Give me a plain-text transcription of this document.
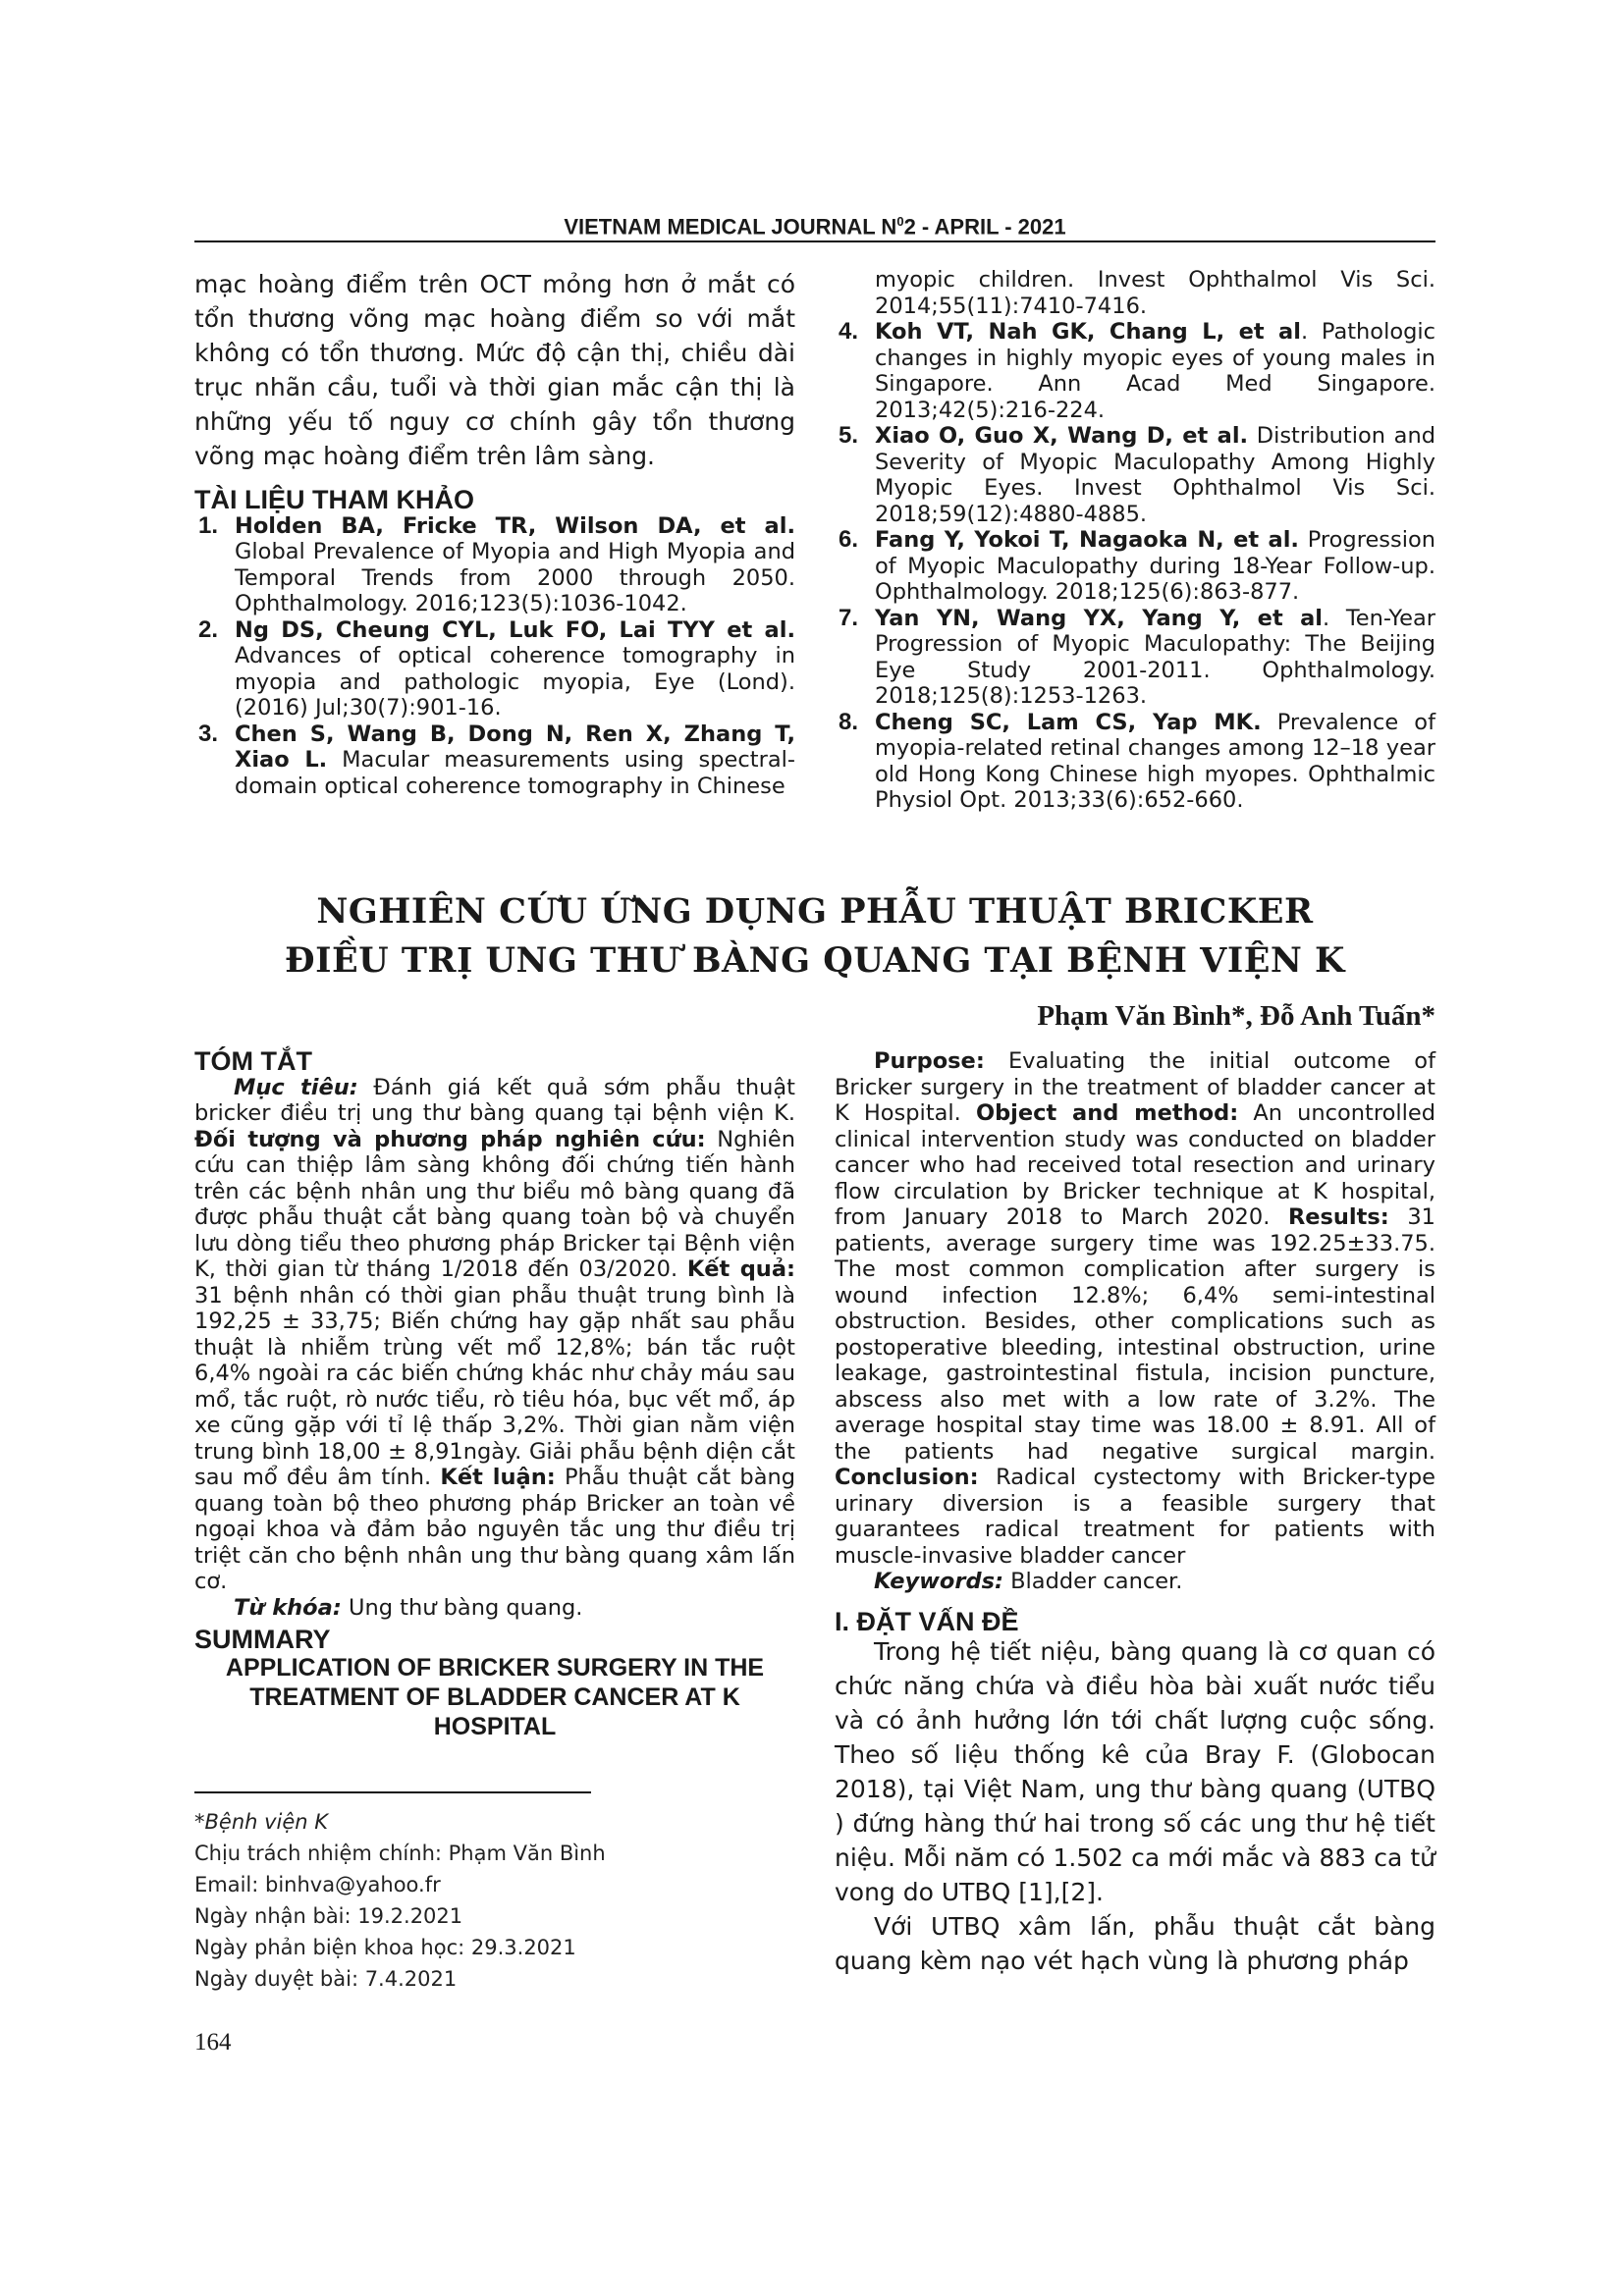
VIETNAM MEDICAL JOURNAL $N^02$ - APRIL - 2021

mạc hoàng điểm trên OCT mỏng hơn ở mắt có tổn thương võng mạc hoàng điểm so với mắt không có tổn thương. Mức độ cận thị, chiều dài trục nhãn cầu, tuổi và thời gian mắc cận thị là những yếu tố nguy cơ chính gây tổn thương võng mạc hoàng điểm trên lâm sàng.

TÀI LIỆU THAM KHẢO

1. Holden BA, Fricke TR, Wilson DA, et al. Global Prevalence of Myopia and High Myopia and Temporal Trends from 2000 through 2050. Ophthalmology. 2016;123(5):1036-1042.
2. Ng DS, Cheung CYL, Luk FO, Lai TYY et al. Advances of optical coherence tomography in myopia and pathologic myopia, Eye (Lond). (2016) Jul;30(7):901-16.
3. Chen S, Wang B, Dong N, Ren X, Zhang T, Xiao L. Macular measurements using spectral-domain optical coherence tomography in Chinese
myopic children. Invest Ophthalmol Vis Sci. 2014;55(11):7410-7416.
4. Koh VT, Nah GK, Chang L, et al. Pathologic changes in highly myopic eyes of young males in Singapore. Ann Acad Med Singapore. 2013;42(5):216-224.
5. Xiao O, Guo X, Wang D, et al. Distribution and Severity of Myopic Maculopathy Among Highly Myopic Eyes. Invest Ophthalmol Vis Sci. 2018;59(12):4880-4885.
6. Fang Y, Yokoi T, Nagaoka N, et al. Progression of Myopic Maculopathy during 18-Year Follow-up. Ophthalmology. 2018;125(6):863-877.
7. Yan YN, Wang YX, Yang Y, et al. Ten-Year Progression of Myopic Maculopathy: The Beijing Eye Study 2001-2011. Ophthalmology. 2018;125(8):1253-1263.
8. Cheng SC, Lam CS, Yap MK. Prevalence of myopia-related retinal changes among 12–18 year old Hong Kong Chinese high myopes. Ophthalmic Physiol Opt. 2013;33(6):652-660.
NGHIÊN CỨU ỨNG DỤNG PHẪU THUẬT BRICKER
ĐIỀU TRỊ UNG THƯ BÀNG QUANG TẠI BỆNH VIỆN K
Phạm Văn Bình*, Đỗ Anh Tuấn*

TÓM TẮT

Mục tiêu: Đánh giá kết quả sớm phẫu thuật bricker điều trị ung thư bàng quang tại bệnh viện K. Đối tượng và phương pháp nghiên cứu: Nghiên cứu can thiệp lâm sàng không đối chứng tiến hành trên các bệnh nhân ung thư biểu mô bàng quang đã được phẫu thuật cắt bàng quang toàn bộ và chuyển lưu dòng tiểu theo phương pháp Bricker tại Bệnh viện K, thời gian từ tháng 1/2018 đến 03/2020. Kết quả: 31 bệnh nhân có thời gian phẫu thuật trung bình là 192,25 ± 33,75; Biến chứng hay gặp nhất sau phẫu thuật là nhiễm trùng vết mổ 12,8%; bán tắc ruột 6,4% ngoài ra các biến chứng khác như chảy máu sau mổ, tắc ruột, rò nước tiểu, rò tiêu hóa, bục vết mổ, áp xe cũng gặp với tỉ lệ thấp 3,2%. Thời gian nằm viện trung bình 18,00 ± 8,91ngày. Giải phẫu bệnh diện cắt sau mổ đều âm tính. Kết luận: Phẫu thuật cắt bàng quang toàn bộ theo phương pháp Bricker an toàn về ngoại khoa và đảm bảo nguyên tắc ung thư điều trị triệt căn cho bệnh nhân ung thư bàng quang xâm lấn cơ.

Từ khóa: Ung thư bàng quang.

SUMMARY

APPLICATION OF BRICKER SURGERY IN THE TREATMENT OF BLADDER CANCER AT K HOSPITAL

Purpose: Evaluating the initial outcome of Bricker surgery in the treatment of bladder cancer at K Hospital. Object and method: An uncontrolled clinical intervention study was conducted on bladder cancer who had received total resection and urinary flow circulation by Bricker technique at K hospital, from January 2018 to March 2020. Results: 31 patients, average surgery time was 192.25±33.75. The most common complication after surgery is wound infection 12.8%; 6,4% semi-intestinal obstruction. Besides, other complications such as postoperative bleeding, intestinal obstruction, urine leakage, gastrointestinal fistula, incision puncture, abscess also met with a low rate of 3.2%. The average hospital stay time was 18.00 ± 8.91. All of the patients had negative surgical margin. Conclusion: Radical cystectomy with Bricker-type urinary diversion is a feasible surgery that guarantees radical treatment for patients with muscle-invasive bladder cancer

Keywords: Bladder cancer.

I. ĐẶT VẤN ĐỀ

Trong hệ tiết niệu, bàng quang là cơ quan có chức năng chứa và điều hòa bài xuất nước tiểu và có ảnh hưởng lớn tới chất lượng cuộc sống. Theo số liệu thống kê của Bray F. (Globocan 2018), tại Việt Nam, ung thư bàng quang (UTBQ ) đứng hàng thứ hai trong số các ung thư hệ tiết niệu. Mỗi năm có 1.502 ca mới mắc và 883 ca tử vong do UTBQ [1],[2].

Với UTBQ xâm lấn, phẫu thuật cắt bàng quang kèm nạo vét hạch vùng là phương pháp

*Bệnh viện K
Chịu trách nhiệm chính: Phạm Văn Bình
Email: binhva@yahoo.fr
Ngày nhận bài: 19.2.2021
Ngày phản biện khoa học: 29.3.2021
Ngày duyệt bài: 7.4.2021
164
